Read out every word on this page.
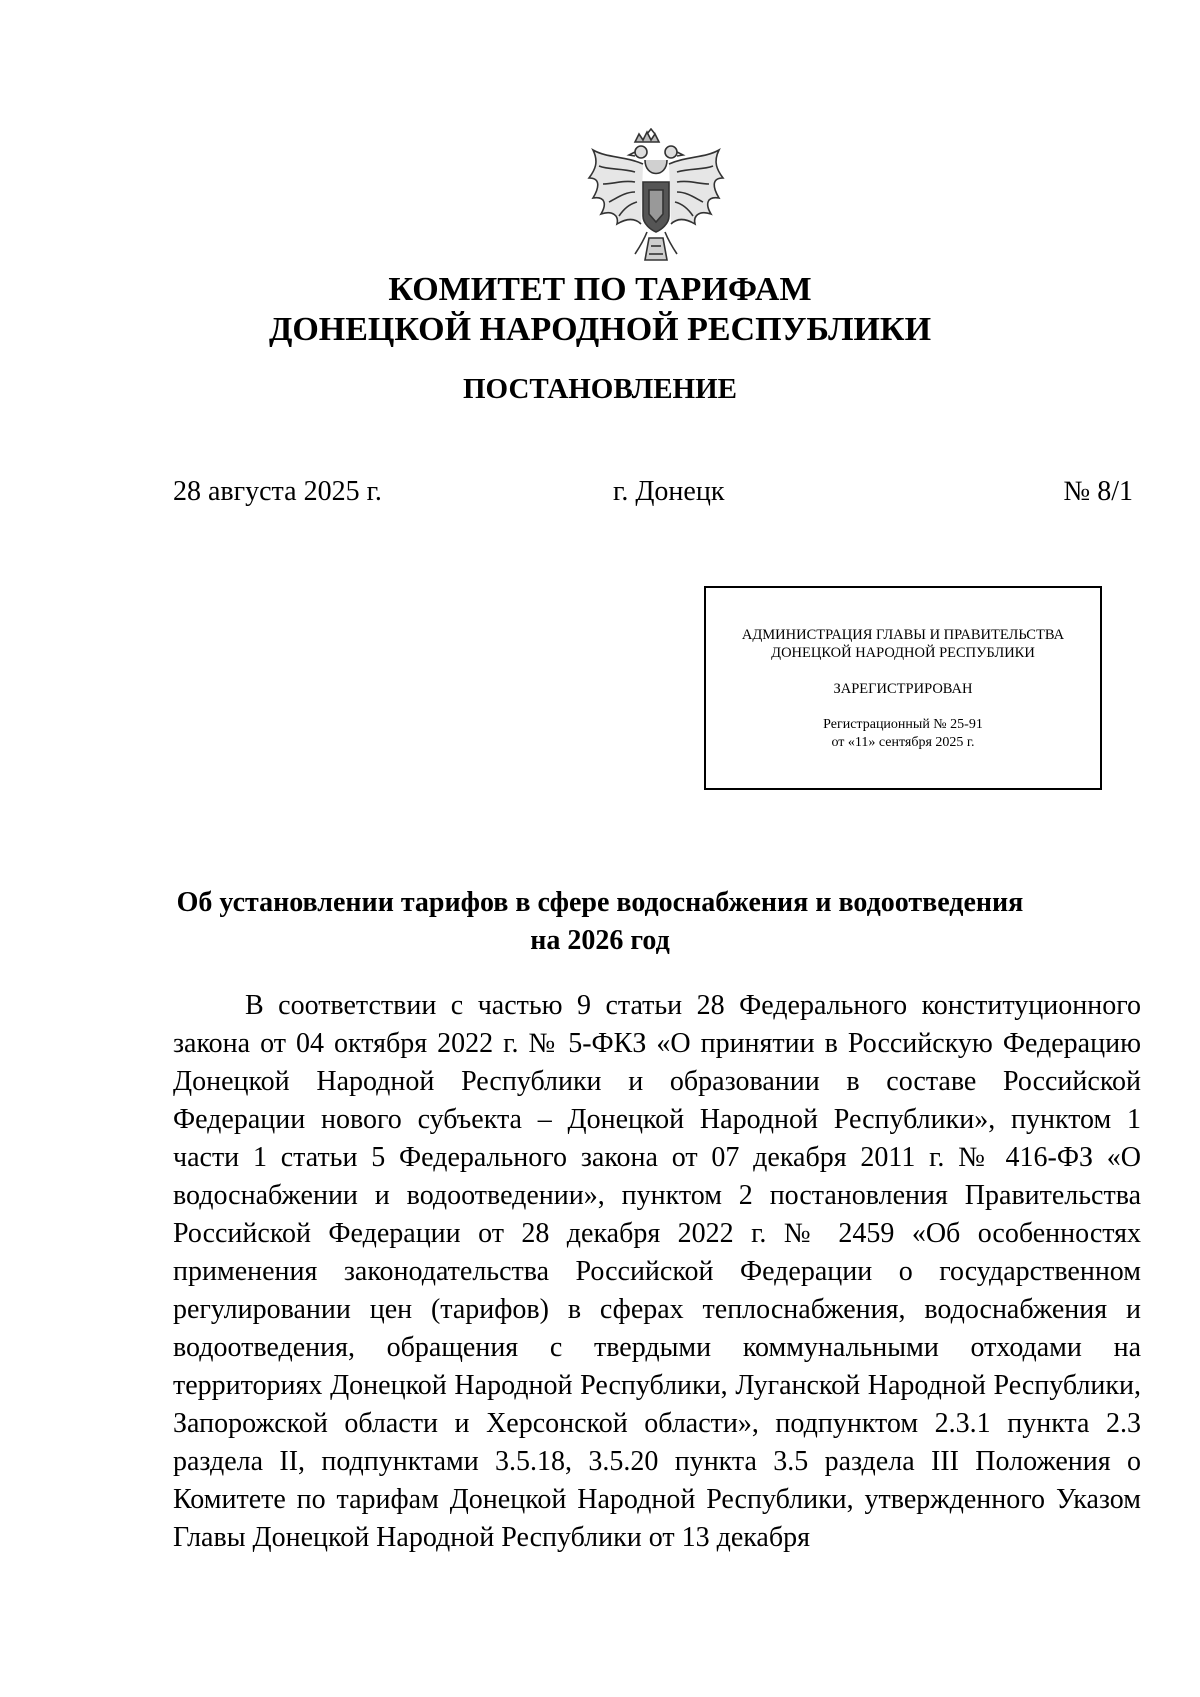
КОМИТЕТ ПО ТАРИФАМ
ДОНЕЦКОЙ НАРОДНОЙ РЕСПУБЛИКИ
ПОСТАНОВЛЕНИЕ
28 августа 2025 г.	г. Донецк	№ 8/1
АДМИНИСТРАЦИЯ ГЛАВЫ И ПРАВИТЕЛЬСТВА
ДОНЕЦКОЙ НАРОДНОЙ РЕСПУБЛИКИ
ЗАРЕГИСТРИРОВАН
Регистрационный № 25-91
от «11» сентября 2025 г.
Об установлении тарифов в сфере водоснабжения и водоотведения
на 2026 год

В соответствии с частью 9 статьи 28 Федерального конституционного закона от 04 октября 2022 г. № 5-ФКЗ «О принятии в Российскую Федерацию Донецкой Народной Республики и образовании в составе Российской Федерации нового субъекта – Донецкой Народной Республики», пунктом 1 части 1 статьи 5 Федерального закона от 07 декабря 2011 г. № 416-ФЗ «О водоснабжении и водоотведении», пунктом 2 постановления Правительства Российской Федерации от 28 декабря 2022 г. № 2459 «Об особенностях применения законодательства Российской Федерации о государственном регулировании цен (тарифов) в сферах теплоснабжения, водоснабжения и водоотведения, обращения с твердыми коммунальными отходами на территориях Донецкой Народной Республики, Луганской Народной Республики, Запорожской области и Херсонской области», подпунктом 2.3.1 пункта 2.3 раздела II, подпунктами 3.5.18, 3.5.20 пункта 3.5 раздела III Положения о Комитете по тарифам Донецкой Народной Республики, утвержденного Указом Главы Донецкой Народной Республики от 13 декабря
